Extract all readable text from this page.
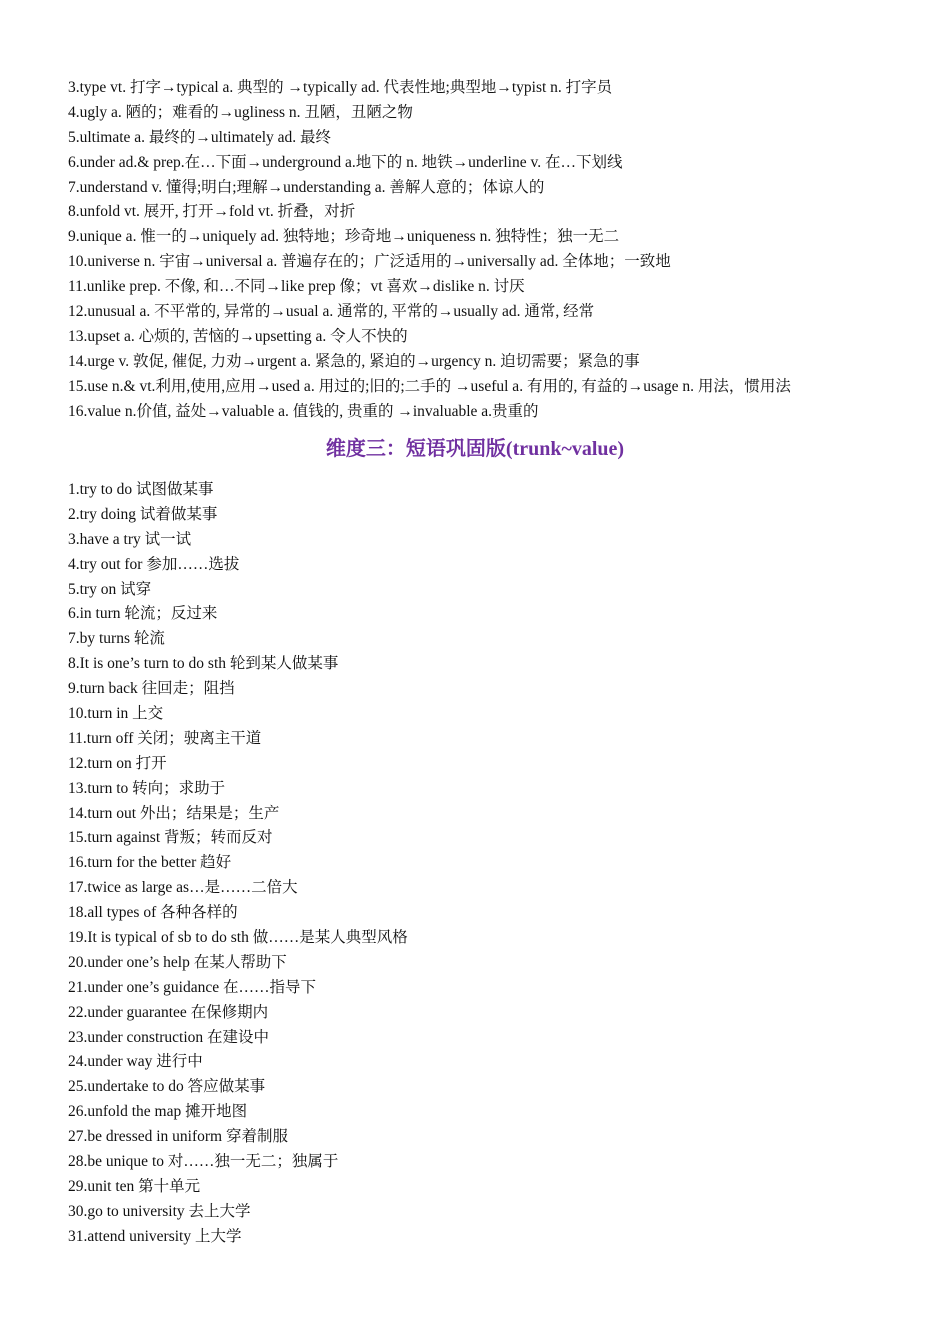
3.type vt. 打字→typical a. 典型的 →typically ad. 代表性地;典型地→typist n. 打字员
4.ugly a. 陋的；难看的→ugliness n. 丑陋，丑陋之物
5.ultimate a. 最终的→ultimately ad. 最终
6.under ad.& prep.在…下面→underground a.地下的 n. 地铁→underline v. 在…下划线
7.understand v. 懂得;明白;理解→understanding a. 善解人意的；体谅人的
8.unfold vt. 展开, 打开→fold vt. 折叠，对折
9.unique a. 惟一的→uniquely ad. 独特地；珍奇地→uniqueness n. 独特性；独一无二
10.universe n. 宇宙→universal a. 普遍存在的；广泛适用的→universally ad. 全体地；一致地
11.unlike prep. 不像, 和…不同→like prep 像；vt 喜欢→dislike n. 讨厌
12.unusual a. 不平常的, 异常的→usual a. 通常的, 平常的→usually ad. 通常, 经常
13.upset a. 心烦的, 苦恼的→upsetting a. 令人不快的
14.urge v. 敦促, 催促, 力劝→urgent a. 紧急的, 紧迫的→urgency n. 迫切需要；紧急的事
15.use n.& vt.利用,使用,应用→used a. 用过的;旧的;二手的 →useful a. 有用的, 有益的→usage n. 用法，惯用法
16.value n.价值, 益处→valuable a. 值钱的, 贵重的 →invaluable a.贵重的
维度三：短语巩固版(trunk~value)
1.try to do 试图做某事
2.try doing 试着做某事
3.have a try 试一试
4.try out for 参加……选拔
5.try on 试穿
6.in turn 轮流；反过来
7.by turns 轮流
8.It is one’s turn to do sth 轮到某人做某事
9.turn back 往回走；阻挡
10.turn in 上交
11.turn off 关闭；驶离主干道
12.turn on 打开
13.turn to 转向；求助于
14.turn out 外出；结果是；生产
15.turn against 背叛；转而反对
16.turn for the better 趋好
17.twice as large as…是……二倍大
18.all types of 各种各样的
19.It is typical of sb to do sth 做……是某人典型风格
20.under one’s help 在某人帮助下
21.under one’s guidance 在……指导下
22.under guarantee 在保修期内
23.under construction 在建设中
24.under way 进行中
25.undertake to do 答应做某事
26.unfold the map 摊开地图
27.be dressed in uniform 穿着制服
28.be unique to 对……独一无二；独属于
29.unit ten 第十单元
30.go to university 去上大学
31.attend university 上大学
